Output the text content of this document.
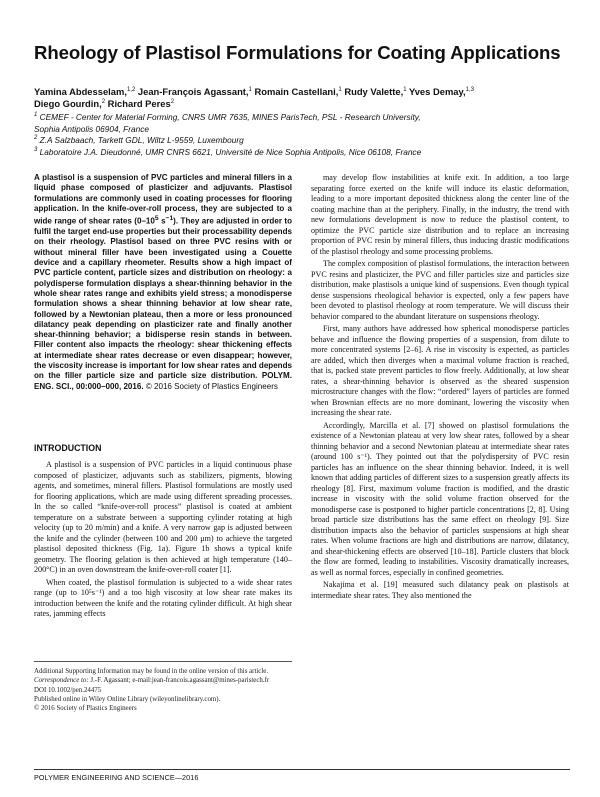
Rheology of Plastisol Formulations for Coating Applications
Yamina Abdesselam,$^{1,2}$ Jean-François Agassant,$^1$ Romain Castellani,$^1$ Rudy Valette,$^1$ Yves Demay,$^{1,3}$
Diego Gourdin,$^2$ Richard Peres$^2$
$^1$ CEMEF - Center for Material Forming, CNRS UMR 7635, MINES ParisTech, PSL - Research University,
Sophia Antipolis 06904, France
$^2$ Z.A Salzbaach, Tarkett GDL, Wiltz L-9559, Luxembourg
$^3$ Laboratoire J.A. Dieudonné, UMR CNRS 6621, Université de Nice Sophia Antipolis, Nice 06108, France
A plastisol is a suspension of PVC particles and mineral fillers in a liquid phase composed of plasticizer and adjuvants. Plastisol formulations are commonly used in coating processes for flooring application. In the knife-over-roll process, they are subjected to a wide range of shear rates ($0-10^5$ $s^{-1}$). They are adjusted in order to fulfil the target end-use properties but their processability depends on their rheology. Plastisol based on three PVC resins with or without mineral filler have been investigated using a Couette device and a capillary rheometer. Results show a high impact of PVC particle content, particle sizes and distribution on rheology: a polydisperse formulation displays a shear-thinning behavior in the whole shear rates range and exhibits yield stress; a monodisperse formulation shows a shear thinning behavior at low shear rate, followed by a Newtonian plateau, then a more or less pronounced dilatancy peak depending on plasticizer rate and finally another shear-thinning behavior; a bidisperse resin stands in between. Filler content also impacts the rheology: shear thickening effects at intermediate shear rates decrease or even disappear; however, the viscosity increase is important for low shear rates and depends on the filler particle size and particle size distribution. POLYM. ENG. SCI., 00:000–000, 2016. © 2016 Society of Plastics Engineers
INTRODUCTION

A plastisol is a suspension of PVC particles in a liquid continuous phase composed of plasticizer, adjuvants such as stabilizers, pigments, blowing agents, and sometimes, mineral fillers. Plastisol formulations are mostly used for flooring applications, which are made using different spreading processes. In the so called “knife-over-roll process” plastisol is coated at ambient temperature on a substrate between a supporting cylinder rotating at high velocity (up to 20 m/min) and a knife. A very narrow gap is adjusted between the knife and the cylinder (between 100 and 200 μm) to achieve the targeted plastisol deposited thickness (Fig. 1a). Figure 1b shows a typical knife geometry. The flooring gelation is then achieved at high temperature (140–200°C) in an oven downstream the knife-over-roll coater [1].

When coated, the plastisol formulation is subjected to a wide shear rates range (up to 10⁵s⁻¹) and a too high viscosity at low shear rate makes its introduction between the knife and the rotating cylinder difficult. At high shear rates, jamming effects

may develop flow instabilities at knife exit. In addition, a too large separating force exerted on the knife will induce its elastic deformation, leading to a more important deposited thickness along the center line of the coating machine than at the periphery. Finally, in the industry, the trend with new formulations development is now to reduce the plastisol content, to optimize the PVC particle size distribution and to replace an increasing proportion of PVC resin by mineral fillers, thus inducing drastic modifications of the plastisol rheology and some processing problems.

The complex composition of plastisol formulations, the interaction between PVC resins and plasticizer, the PVC and filler particles size and particles size distribution, make plastisols a unique kind of suspensions. Even though typical dense suspensions rheological behavior is expected, only a few papers have been devoted to plastisol rheology at room temperature. We will discuss their behavior compared to the abundant literature on suspensions rheology.

First, many authors have addressed how spherical monodisperse particles behave and influence the flowing properties of a suspension, from dilute to more concentrated systems [2–6]. A rise in viscosity is expected, as particles are added, which then diverges when a maximal volume fraction is reached, that is, packed state prevent particles to flow freely. Additionally, at low shear rates, a shear-thinning behavior is observed as the sheared suspension microstructure changes with the flow: “ordered” layers of particles are formed when Brownian effects are no more dominant, lowering the viscosity when increasing the shear rate.

Accordingly, Marcilla et al. [7] showed on plastisol formulations the existence of a Newtonian plateau at very low shear rates, followed by a shear thinning behavior and a second Newtonian plateau at intermediate shear rates (around 100 s⁻¹). They pointed out that the polydispersity of PVC resin particles has an influence on the shear thinning behavior. Indeed, it is well known that adding particles of different sizes to a suspension greatly affects its rheology [8]. First, maximum volume fraction is modified, and the drastic increase in viscosity with the solid volume fraction observed for the monodisperse case is postponed to higher particle concentrations [2, 8]. Using broad particle size distributions has the same effect on rheology [9]. Size distribution impacts also the behavior of particles suspensions at high shear rates. When volume fractions are high and distributions are narrow, dilatancy, and shear-thickening effects are observed [10–18]. Particle clusters that block the flow are formed, leading to instabilities. Viscosity dramatically increases, as well as normal forces, especially in confined geometries.

Nakajima et al. [19] measured such dilatancy peak on plastisols at intermediate shear rates. They also mentioned the

Additional Supporting Information may be found in the online version of this article.
Correspondence to: J.-F. Agassant; e-mail:jean-francois.agassant@mines-paristech.fr
DOI 10.1002/pen.24475
Published online in Wiley Online Library (wileyonlinelibrary.com).
© 2016 Society of Plastics Engineers
POLYMER ENGINEERING AND SCIENCE—2016
